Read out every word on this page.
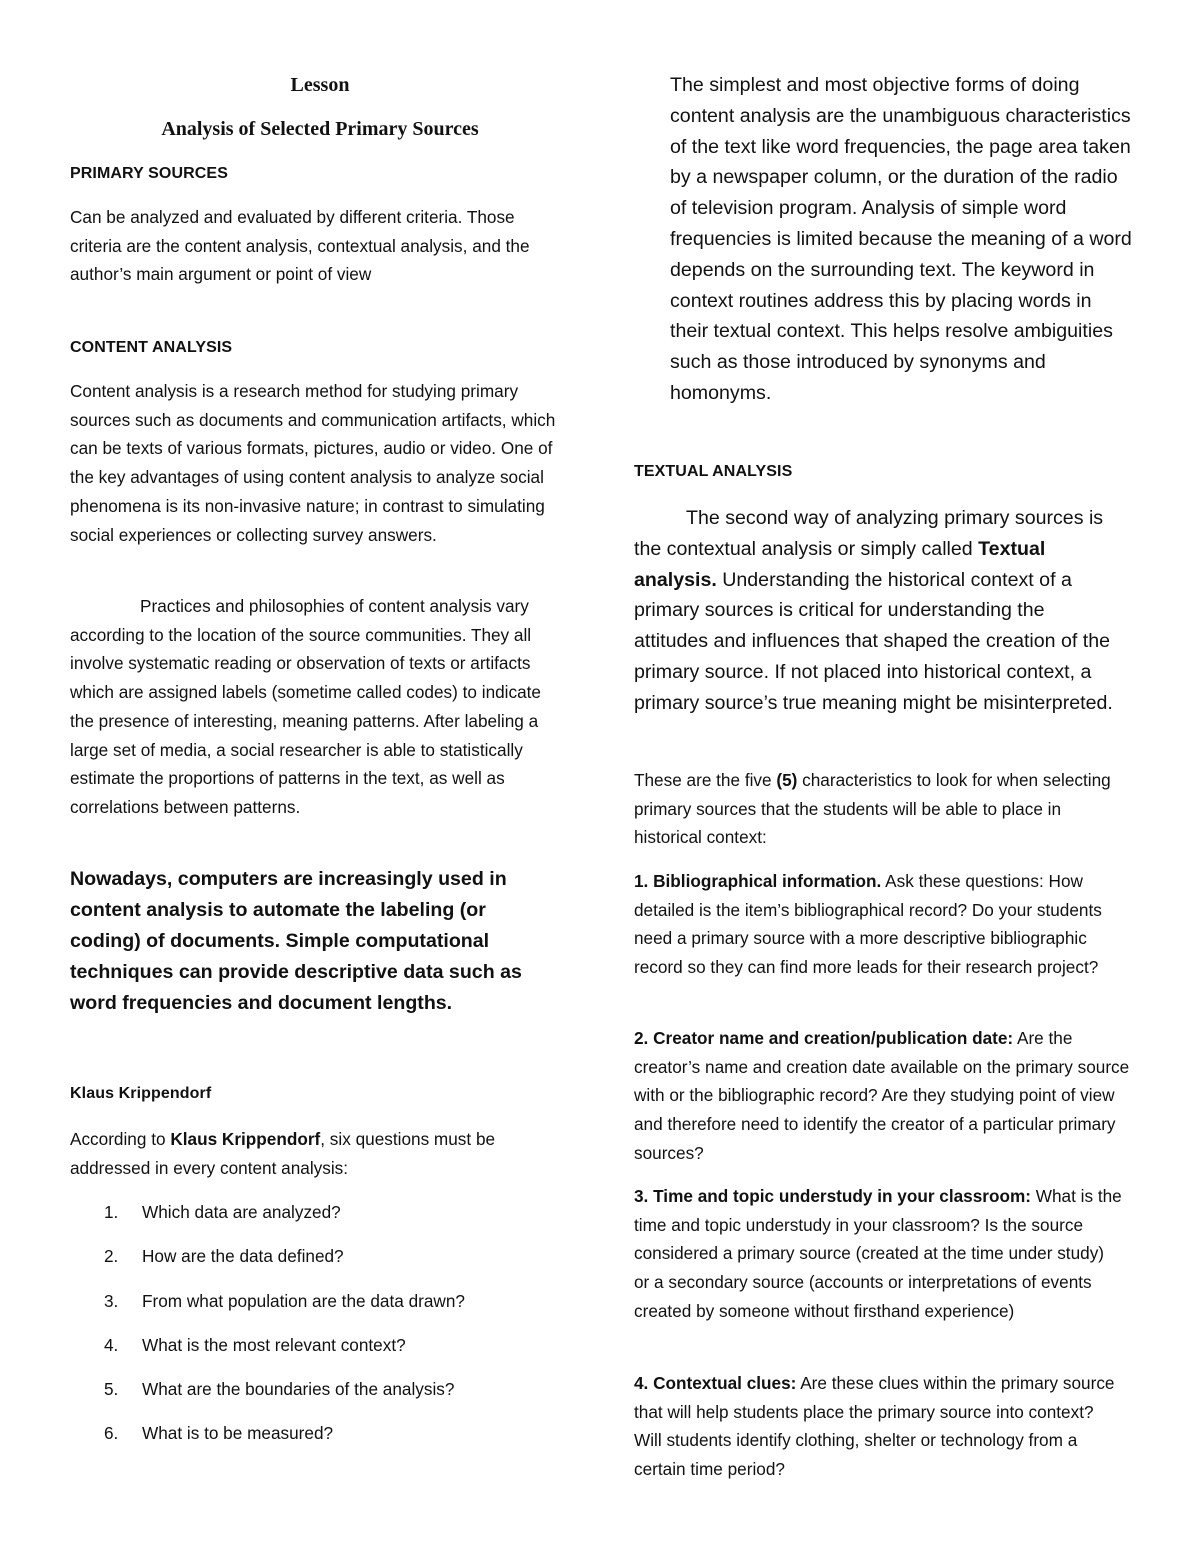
Lesson
Analysis of Selected Primary Sources
PRIMARY SOURCES

Can be analyzed and evaluated by different criteria. Those criteria are the content analysis, contextual analysis, and the author’s main argument or point of view

CONTENT ANALYSIS

Content analysis is a research method for studying primary sources such as documents and communication artifacts, which can be texts of various formats, pictures, audio or video. One of the key advantages of using content analysis to analyze social phenomena is its non-invasive nature; in contrast to simulating social experiences or collecting survey answers.

Practices and philosophies of content analysis vary according to the location of the source communities. They all involve systematic reading or observation of texts or artifacts which are assigned labels (sometime called codes) to indicate the presence of interesting, meaning patterns. After labeling a large set of media, a social researcher is able to statistically estimate the proportions of patterns in the text, as well as correlations between patterns.

Nowadays, computers are increasingly used in content analysis to automate the labeling (or coding) of documents. Simple computational techniques can provide descriptive data such as word frequencies and document lengths.

Klaus Krippendorf

According to Klaus Krippendorf, six questions must be addressed in every content analysis:

1. Which data are analyzed?
2. How are the data defined?
3. From what population are the data drawn?
4. What is the most relevant context?
5. What are the boundaries of the analysis?
6. What is to be measured?

The simplest and most objective forms of doing content analysis are the unambiguous characteristics of the text like word frequencies, the page area taken by a newspaper column, or the duration of the radio of television program. Analysis of simple word frequencies is limited because the meaning of a word depends on the surrounding text. The keyword in context routines address this by placing words in their textual context. This helps resolve ambiguities such as those introduced by synonyms and homonyms.

TEXTUAL ANALYSIS

The second way of analyzing primary sources is the contextual analysis or simply called Textual analysis. Understanding the historical context of a primary sources is critical for understanding the attitudes and influences that shaped the creation of the primary source. If not placed into historical context, a primary source’s true meaning might be misinterpreted.

These are the five (5) characteristics to look for when selecting primary sources that the students will be able to place in historical context:

1. Bibliographical information. Ask these questions: How detailed is the item’s bibliographical record? Do your students need a primary source with a more descriptive bibliographic record so they can find more leads for their research project?

2. Creator name and creation/publication date: Are the creator’s name and creation date available on the primary source with or the bibliographic record? Are they studying point of view and therefore need to identify the creator of a particular primary sources?

3. Time and topic understudy in your classroom: What is the time and topic understudy in your classroom? Is the source considered a primary source (created at the time under study) or a secondary source (accounts or interpretations of events created by someone without firsthand experience)

4. Contextual clues: Are these clues within the primary source that will help students place the primary source into context? Will students identify clothing, shelter or technology from a certain time period?
